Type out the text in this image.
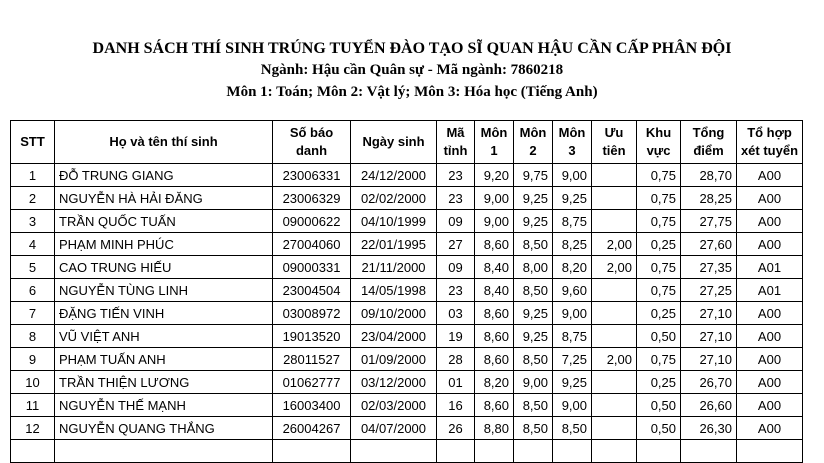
DANH SÁCH THÍ SINH TRÚNG TUYỂN ĐÀO TẠO SĨ QUAN HẬU CẦN CẤP PHÂN ĐỘI
Ngành: Hậu cần Quân sự - Mã ngành: 7860218
Môn 1: Toán; Môn 2: Vật lý; Môn 3: Hóa học (Tiếng Anh)
STT	Họ và tên thí sinh	Số báo danh	Ngày sinh	Mã tỉnh	Môn 1	Môn 2	Môn 3	Ưu tiên	Khu vực	Tổng điểm	Tổ hợp xét tuyển
1	ĐỖ TRUNG GIANG	23006331	24/12/2000	23	9,20	9,75	9,00		0,75	28,70	A00
2	NGUYỄN HÀ HẢI ĐĂNG	23006329	02/02/2000	23	9,00	9,25	9,25		0,75	28,25	A00
3	TRẦN QUỐC TUẤN	09000622	04/10/1999	09	9,00	9,25	8,75		0,75	27,75	A00
4	PHẠM MINH PHÚC	27004060	22/01/1995	27	8,60	8,50	8,25	2,00	0,25	27,60	A00
5	CAO TRUNG HIẾU	09000331	21/11/2000	09	8,40	8,00	8,20	2,00	0,75	27,35	A01
6	NGUYỄN TÙNG LINH	23004504	14/05/1998	23	8,40	8,50	9,60		0,75	27,25	A01
7	ĐẶNG TIẾN VINH	03008972	09/10/2000	03	8,60	9,25	9,00		0,25	27,10	A00
8	VŨ VIỆT ANH	19013520	23/04/2000	19	8,60	9,25	8,75		0,50	27,10	A00
9	PHẠM TUẤN ANH	28011527	01/09/2000	28	8,60	8,50	7,25	2,00	0,75	27,10	A00
10	TRẦN THIỆN LƯƠNG	01062777	03/12/2000	01	8,20	9,00	9,25		0,25	26,70	A00
11	NGUYỄN THẾ MẠNH	16003400	02/03/2000	16	8,60	8,50	9,00		0,50	26,60	A00
12	NGUYỄN QUANG THẮNG	26004267	04/07/2000	26	8,80	8,50	8,50		0,50	26,30	A00
